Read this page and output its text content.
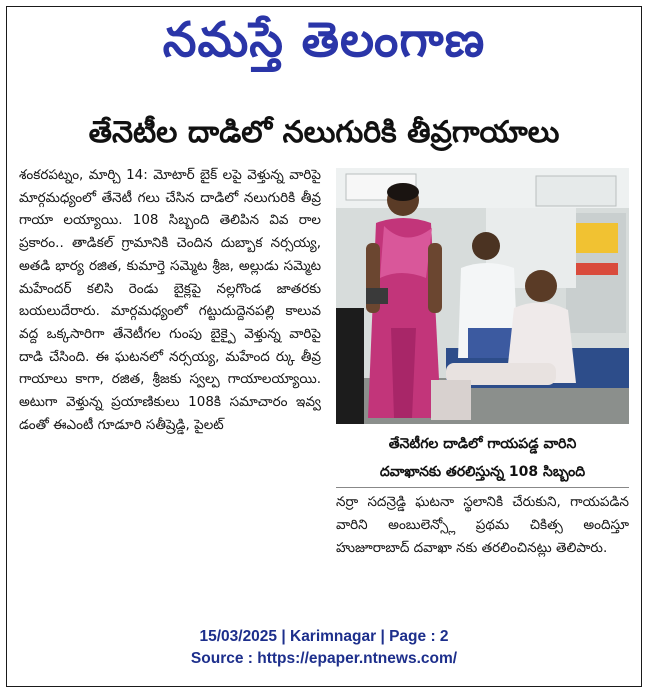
నమస్తే తెలంగాణ
తేనెటీల దాడిలో నలుగురికి తీవ్రగాయాలు

శంకరపట్నం, మార్చి 14: మోటార్ బైక్ లపై వెళ్తున్న వారిపై మార్గమధ్యంలో తేనెటీ గలు చేసిన దాడిలో నలుగురికి తీవ్ర గాయా లయ్యాయి. 108 సిబ్బంది తెలిపిన వివ రాల ప్రకారం.. తాడికల్ గ్రామానికి చెందిన దుబ్బాక నర్సయ్య, అతడి భార్య రజిత, కుమార్తె సమ్మెట శ్రీజ, అల్లుడు సమ్మెట మహేందర్ కలిసి రెండు బైక్లపై నల్లగొండ జాతరకు బయలుదేరారు. మార్గమధ్యంలో గట్టుదుద్దెనపల్లి కాలువ వద్ద ఒక్కసారిగా తేనెటీగల గుంపు బైక్పై వెళ్తున్న వారిపై దాడి చేసింది. ఈ ఘటనలో నర్సయ్య, మహేంద ర్కు తీవ్ర గాయాలు కాగా, రజిత, శ్రీజకు స్వల్ప గాయాలయ్యాయి. అటుగా వెళ్తున్న ప్రయాణికులు 108కి సమాచారం ఇవ్వ డంతో ఈఎంటీ గూడూరి సతీష్రెడ్డి, పైలట్

తేనెటీగల దాడిలో గాయపడ్డ వారిని
దవాఖానకు తరలిస్తున్న 108 సిబ్బంది
నర్రా సదన్రెడ్డి ఘటనా స్థలానికి చేరుకుని, గాయపడిన వారిని అంబులెన్స్లో ప్రథమ చికిత్స అందిస్తూ హుజూరాబాద్ దవాఖా నకు తరలించినట్లు తెలిపారు.
15/03/2025 | Karimnagar | Page : 2
Source : https://epaper.ntnews.com/
